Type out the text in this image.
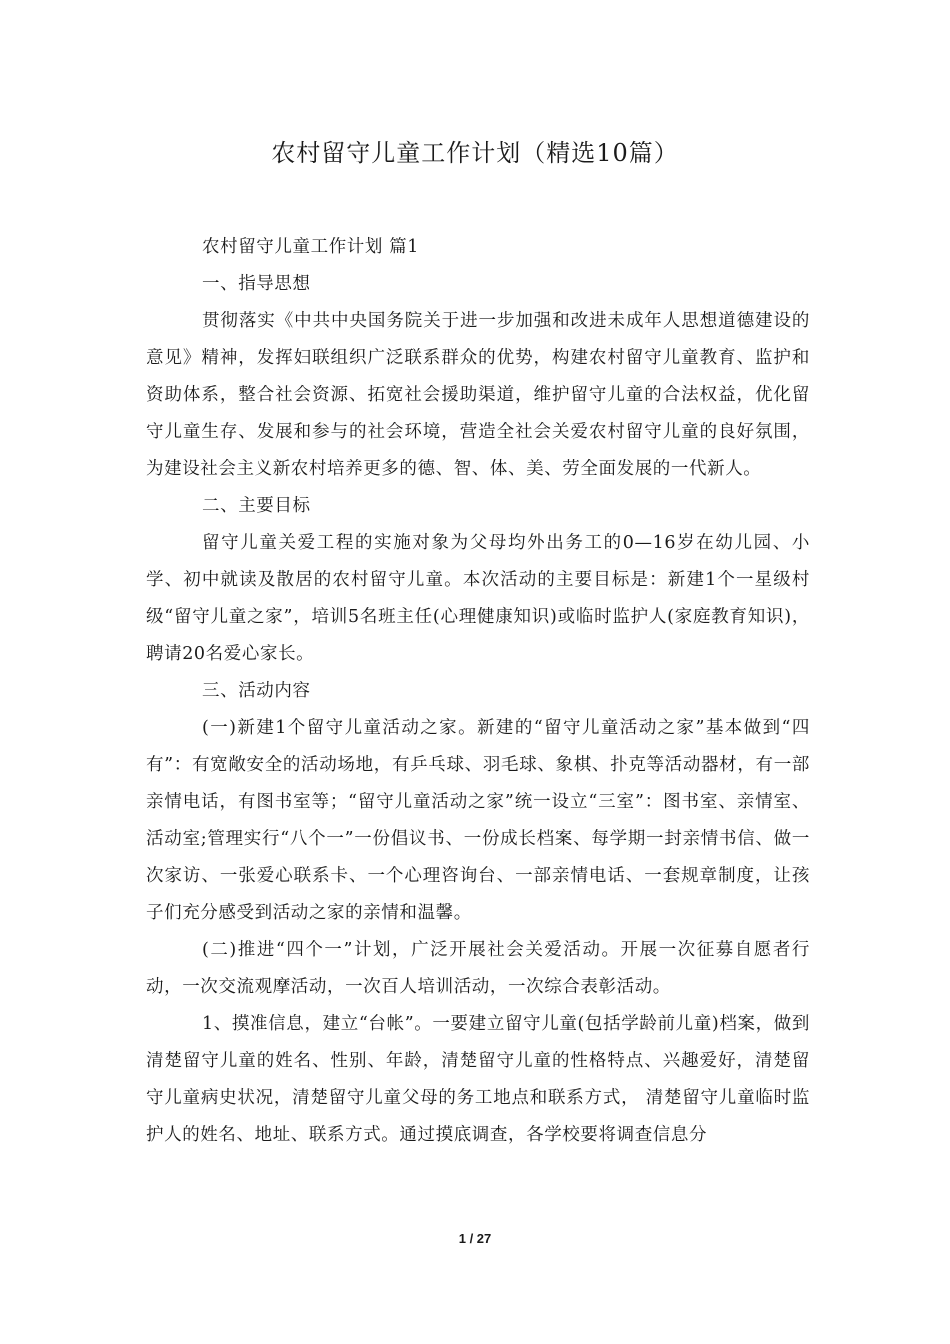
农村留守儿童工作计划（精选10篇）

农村留守儿童工作计划 篇1

一、指导思想

贯彻落实《中共中央国务院关于进一步加强和改进未成年人思想道德建设的意见》精神，发挥妇联组织广泛联系群众的优势，构建农村留守儿童教育、监护和资助体系，整合社会资源、拓宽社会援助渠道，维护留守儿童的合法权益，优化留守儿童生存、发展和参与的社会环境，营造全社会关爱农村留守儿童的良好氛围，为建设社会主义新农村培养更多的德、智、体、美、劳全面发展的一代新人。

二、主要目标

留守儿童关爱工程的实施对象为父母均外出务工的0—16岁在幼儿园、小学、初中就读及散居的农村留守儿童。本次活动的主要目标是：新建1个一星级村级“留守儿童之家”，培训5名班主任(心理健康知识)或临时监护人(家庭教育知识)，聘请20名爱心家长。

三、活动内容

(一)新建1个留守儿童活动之家。新建的“留守儿童活动之家”基本做到“四有”：有宽敞安全的活动场地，有乒乓球、羽毛球、象棋、扑克等活动器材，有一部亲情电话，有图书室等；“留守儿童活动之家”统一设立“三室”：图书室、亲情室、活动室;管理实行“八个一”一份倡议书、一份成长档案、每学期一封亲情书信、做一次家访、一张爱心联系卡、一个心理咨询台、一部亲情电话、一套规章制度，让孩子们充分感受到活动之家的亲情和温馨。

(二)推进“四个一”计划，广泛开展社会关爱活动。开展一次征募自愿者行动，一次交流观摩活动，一次百人培训活动，一次综合表彰活动。

1、摸准信息，建立“台帐”。一要建立留守儿童(包括学龄前儿童)档案，做到清楚留守儿童的姓名、性别、年龄，清楚留守儿童的性格特点、兴趣爱好，清楚留守儿童病史状况，清楚留守儿童父母的务工地点和联系方式， 清楚留守儿童临时监护人的姓名、地址、联系方式。通过摸底调查，各学校要将调查信息分

1 / 27
